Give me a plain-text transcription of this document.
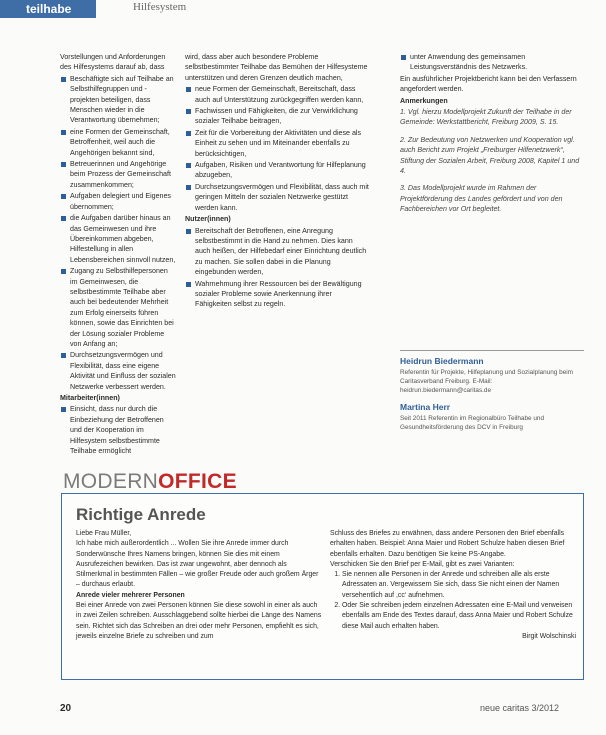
teilhabe	Hilfesystem

Vorstellungen und Anforderungen des Hilfesystems darauf ab, dass

Beschäftigte sich auf Teilhabe an Selbsthilfegruppen und -projekten beteiligen, dass Menschen wieder in die Verantwortung übernehmen;

eine Formen der Gemeinschaft, Betroffenheit, weil auch die Angehörigen bekannt sind,

Betreuerinnen und Angehörige beim Prozess der Gemeinschaft zusammenkommen;

Aufgaben delegiert und Eigenes übernommen;

die Aufgaben darüber hinaus an das Gemeinwesen und ihre Übereinkommen abgeben, Hilfestellung in allen Lebensbereichen sinnvoll nutzen,

Zugang zu Selbsthilfepersonen im Gemeinwesen, die selbstbestimmte Teilhabe aber auch bei bedeutender Mehrheit zum Erfolg einerseits führen können, sowie das Einrichten bei der Lösung sozialer Probleme von Anfang an;

Durchsetzungsvermögen und Flexibilität, dass eine eigene Aktivität und Einfluss der sozialen Netzwerke verbessert werden.

Mitarbeiter(innen)

Einsicht, dass nur durch die Einbeziehung der Betroffenen und der Kooperation im Hilfesystem selbstbestimmte Teilhabe ermöglicht

wird, dass aber auch besondere Probleme selbstbestimmter Teilhabe das Bemühen der Hilfesysteme unterstützen und deren Grenzen deutlich machen,

neue Formen der Gemeinschaft, Bereitschaft, dass auch auf Unterstützung zurückgegriffen werden kann,

Fachwissen und Fähigkeiten, die zur Verwirklichung sozialer Teilhabe beitragen,

Zeit für die Vorbereitung der Aktivitäten und diese als Einheit zu sehen und im Miteinander ebenfalls zu berücksichtigen,

Aufgaben, Risiken und Verantwortung für Hilfeplanung abzugeben,

Durchsetzungsvermögen und Flexibilität, dass auch mit geringen Mitteln der sozialen Netzwerke gestützt werden kann.

Nutzer(innen)

Bereitschaft der Betroffenen, eine Anregung selbstbestimmt in die Hand zu nehmen. Dies kann auch heißen, der Hilfebedarf einer Einrichtung deutlich zu machen. Sie sollen dabei in die Planung eingebunden werden,

Wahrnehmung ihrer Ressourcen bei der Bewältigung sozialer Probleme sowie Anerkennung ihrer Fähigkeiten selbst zu regeln.

unter Anwendung des gemeinsamen Leistungsverständnis des Netzwerks.

Ein ausführlicher Projektbericht kann bei den Verfassern angefordert werden.

Anmerkungen

1. Vgl. hierzu Modellprojekt Zukunft der Teilhabe in der Gemeinde: Werkstattbericht, Freiburg 2009, S. 15.

2. Zur Bedeutung von Netzwerken und Kooperation vgl. auch Bericht zum Projekt „Freiburger Hilfenetzwerk“, Stiftung der Sozialen Arbeit, Freiburg 2008, Kapitel 1 und 4.

3. Das Modellprojekt wurde im Rahmen der Projektförderung des Landes gefördert und von den Fachbereichen vor Ort begleitet.

Heidrun Biedermann

Referentin für Projekte, Hilfeplanung und Sozialplanung beim Caritasverband Freiburg. E-Mail: heidrun.biedermann@caritas.de

Martina Herr

Seit 2011 Referentin im Regionalbüro Teilhabe und Gesundheitsförderung des DCV in Freiburg

MODERNOFFICE
Richtige Anrede

Liebe Frau Müller,

Ich habe mich außerordentlich ... Wollen Sie ihre Anrede immer durch Sonderwünsche Ihres Namens bringen, können Sie dies mit einem Ausrufezeichen bewirken. Das ist zwar ungewohnt, aber dennoch als Stilmerkmal in bestimmten Fällen – wie großer Freude oder auch großem Ärger – durchaus erlaubt.

Anrede vieler mehrerer Personen

Bei einer Anrede von zwei Personen können Sie diese sowohl in einer als auch in zwei Zeilen schreiben. Ausschlaggebend sollte hierbei die Länge des Namens sein. Richtet sich das Schreiben an drei oder mehr Personen, empfiehlt es sich, jeweils einzelne Briefe zu schreiben und zum

Schluss des Briefes zu erwähnen, dass andere Personen den Brief ebenfalls erhalten haben. Beispiel: Anna Maier und Robert Schulze haben diesen Brief ebenfalls erhalten. Dazu benötigen Sie keine PS-Angabe.

Verschicken Sie den Brief per E-Mail, gibt es zwei Varianten:

1. Sie nennen alle Personen in der Anrede und schreiben alle als erste Adressaten an. Vergewissern Sie sich, dass Sie nicht einen der Namen versehentlich auf ,cc‘ aufnehmen.
2. Oder Sie schreiben jedem einzelnen Adressaten eine E-Mail und verweisen ebenfalls am Ende des Textes darauf, dass Anna Maier und Robert Schulze diese Mail auch erhalten haben.

Birgit Wolschinski

20	neue caritas 3/2012
